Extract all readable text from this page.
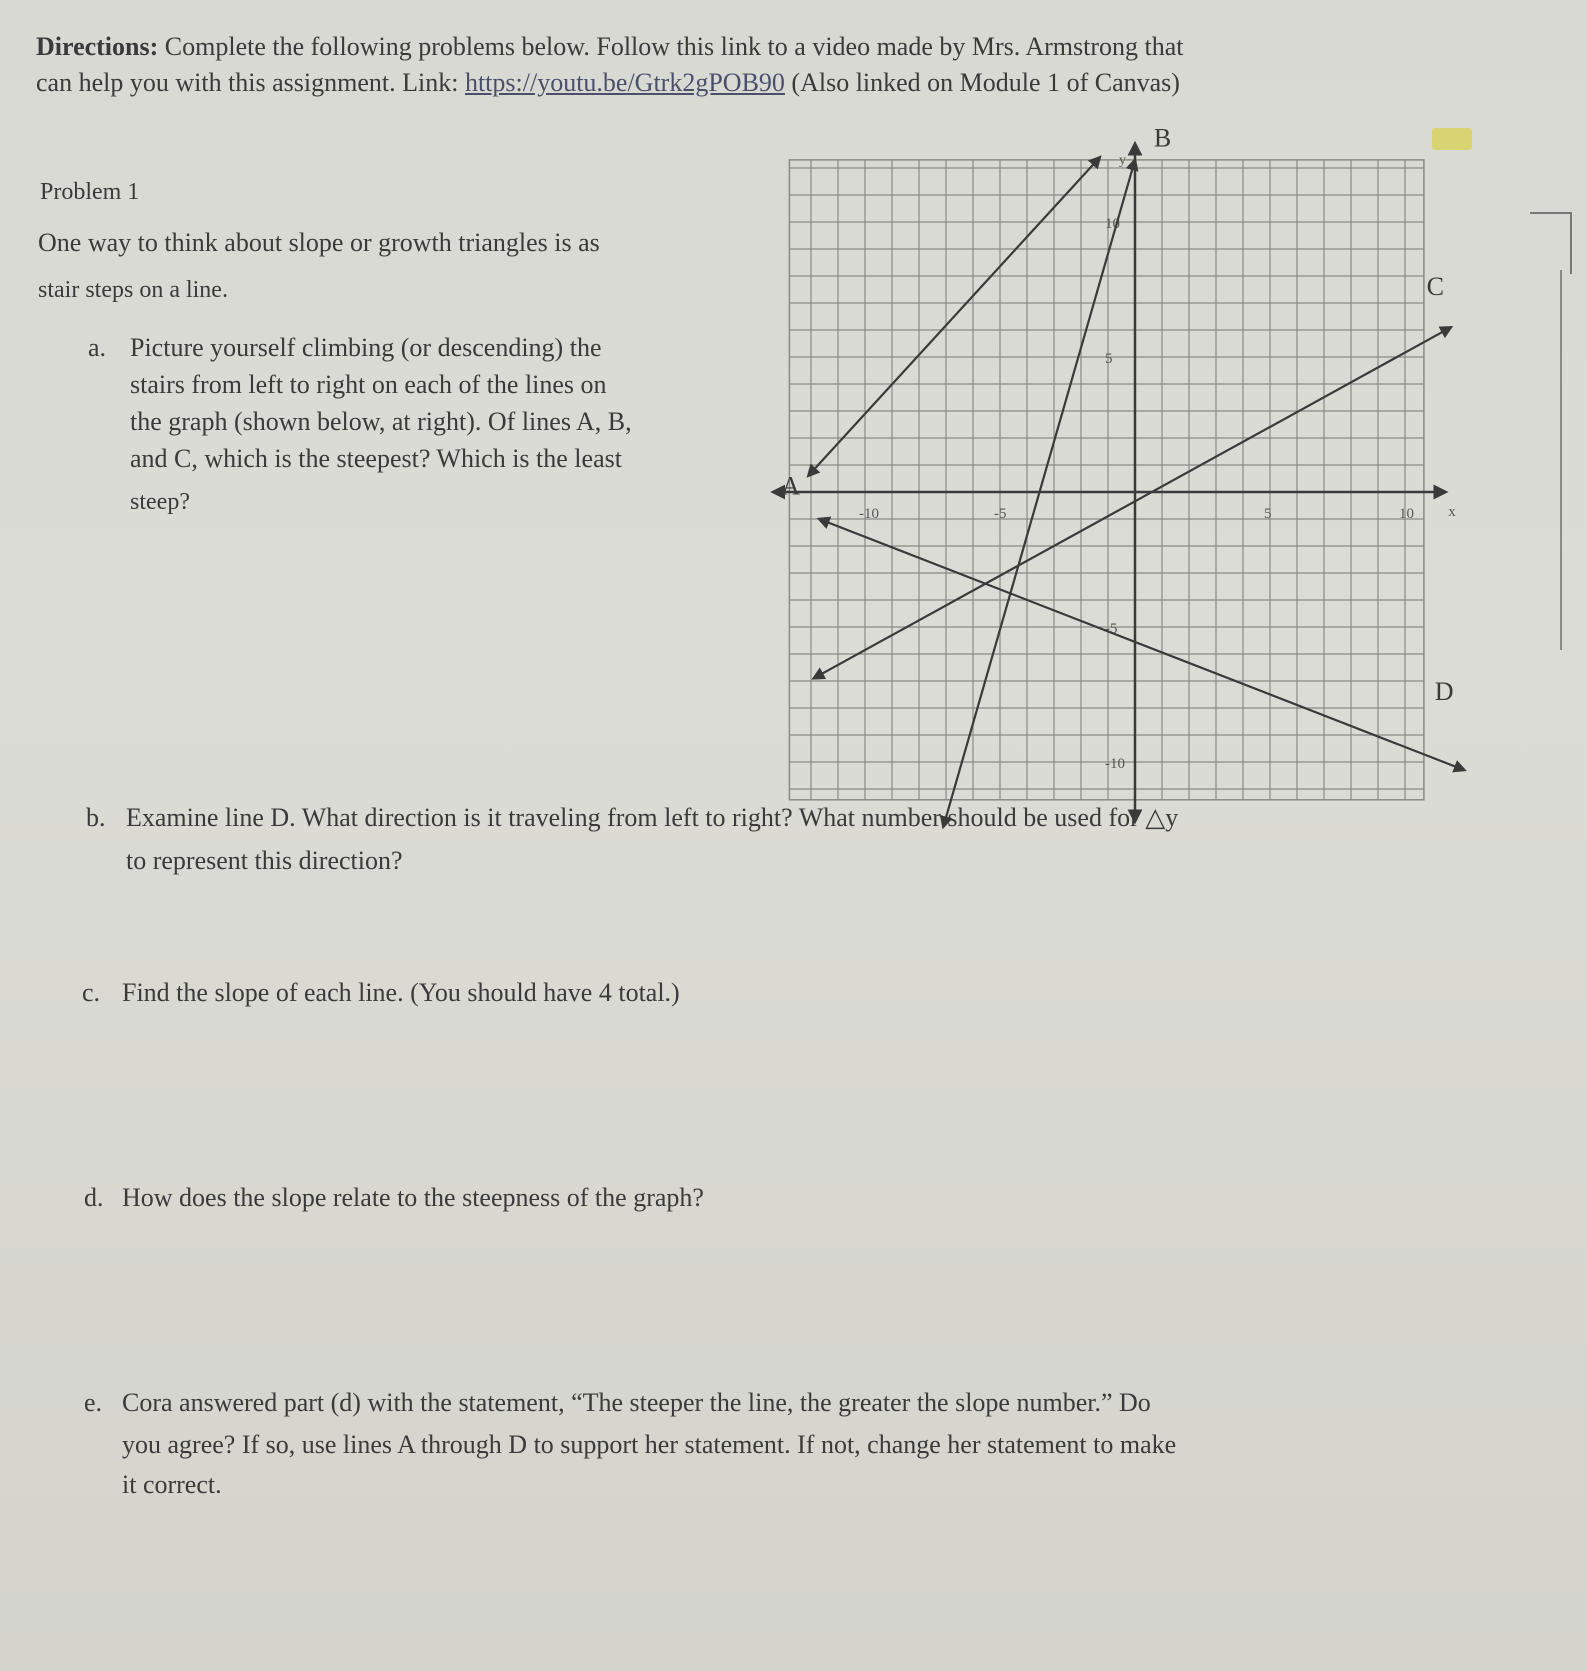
Directions: Complete the following problems below. Follow this link to a video made by Mrs. Armstrong that
can help you with this assignment. Link: https://youtu.be/Gtrk2gPOB90 (Also linked on Module 1 of Canvas)
Problem 1
One way to think about slope or growth triangles is as
stair steps on a line.
a. Picture yourself climbing (or descending) the
stairs from left to right on each of the lines on
the graph (shown below, at right). Of lines A, B,
and C, which is the steepest? Which is the least
steep?
b. Examine line D. What direction is it traveling from left to right? What number should be used for △y
to represent this direction?
c. Find the slope of each line. (You should have 4 total.)
d. How does the slope relate to the steepness of the graph?
e. Cora answered part (d) with the statement, “The steeper the line, the greater the slope number.” Do
you agree? If so, use lines A through D to support her statement. If not, change her statement to make
it correct.
-10	-5	5	10
10
5
-5
-10
x
y
A
B
C
D
